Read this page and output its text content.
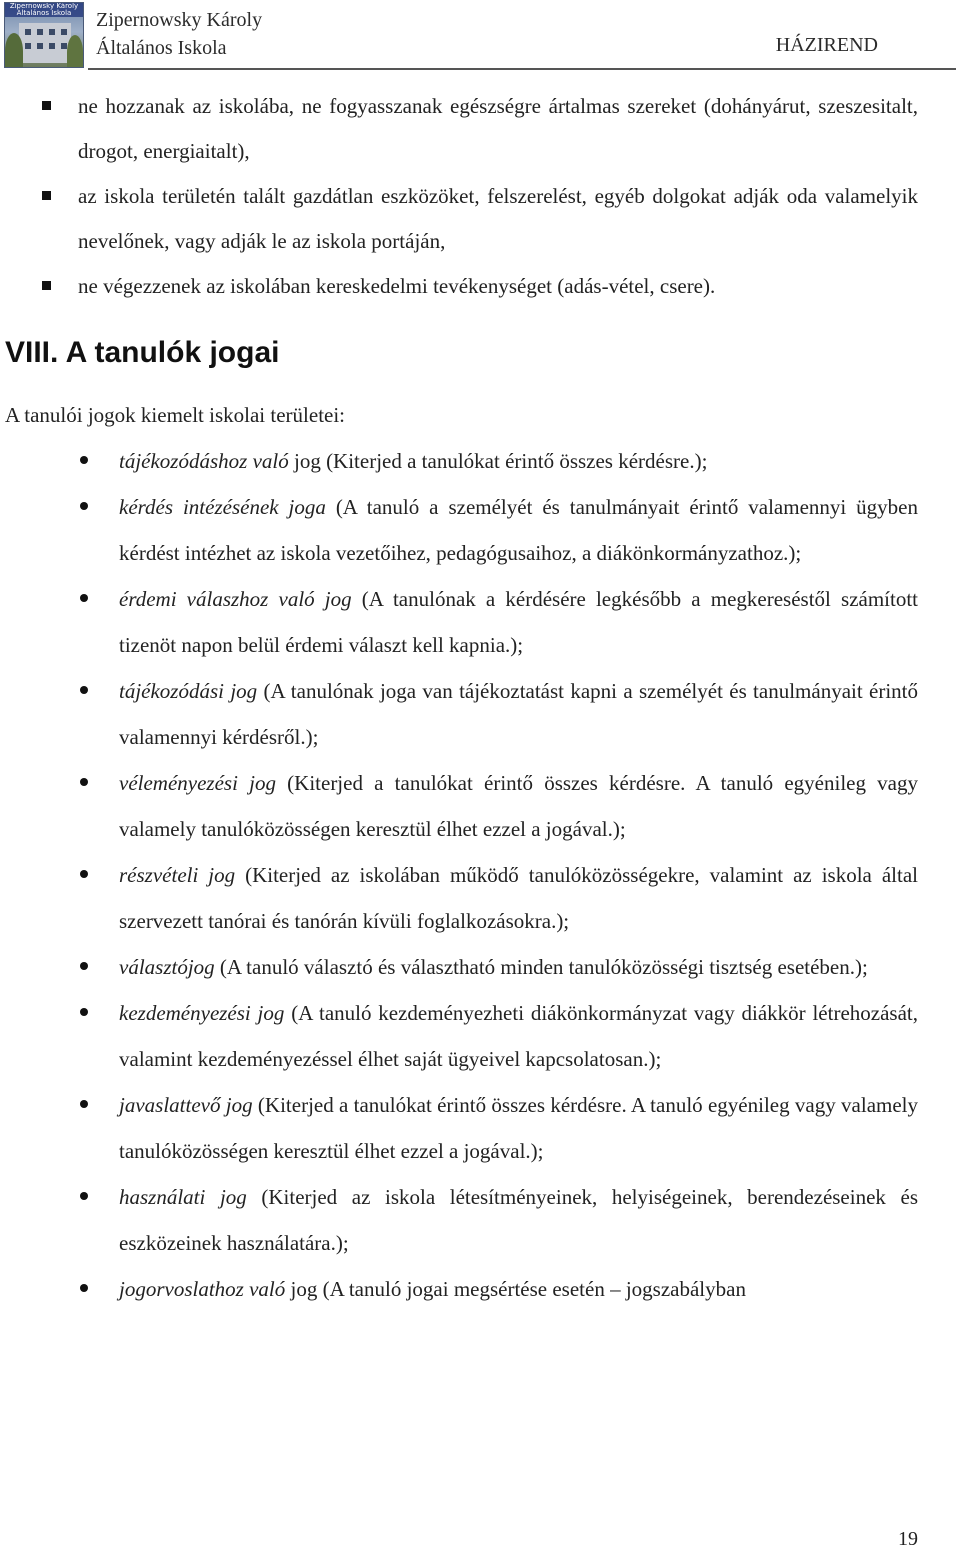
Zipernowsky Károly Általános Iskola	Zipernowsky Károly
Általános Iskola	HÁZIREND
ne hozzanak az iskolába, ne fogyasszanak egészségre ártalmas szereket (dohányárut, szeszesitalt, drogot, energiaitalt),
az iskola területén talált gazdátlan eszközöket, felszerelést, egyéb dolgokat adják oda valamelyik nevelőnek, vagy adják le az iskola portáján,
ne végezzenek az iskolában kereskedelmi tevékenységet (adás-vétel, csere).
VIII. A tanulók jogai
A tanulói jogok kiemelt iskolai területei:
tájékozódáshoz való jog (Kiterjed a tanulókat érintő összes kérdésre.);
kérdés intézésének joga (A tanuló a személyét és tanulmányait érintő valamennyi ügyben kérdést intézhet az iskola vezetőihez, pedagógusaihoz, a diákönkormányzathoz.);
érdemi válaszhoz való jog (A tanulónak a kérdésére legkésőbb a megkereséstől számított tizenöt napon belül érdemi választ kell kapnia.);
tájékozódási jog (A tanulónak joga van tájékoztatást kapni a személyét és tanulmányait érintő valamennyi kérdésről.);
véleményezési jog (Kiterjed a tanulókat érintő összes kérdésre. A tanuló egyénileg vagy valamely tanulóközösségen keresztül élhet ezzel a jogával.);
részvételi jog (Kiterjed az iskolában működő tanulóközösségekre, valamint az iskola által szervezett tanórai és tanórán kívüli foglalkozásokra.);
választójog (A tanuló választó és választható minden tanulóközösségi tisztség esetében.);
kezdeményezési jog (A tanuló kezdeményezheti diákönkormányzat vagy diákkör létrehozását, valamint kezdeményezéssel élhet saját ügyeivel kapcsolatosan.);
javaslattevő jog (Kiterjed a tanulókat érintő összes kérdésre. A tanuló egyénileg vagy valamely tanulóközösségen keresztül élhet ezzel a jogával.);
használati jog (Kiterjed az iskola létesítményeinek, helyiségeinek, berendezéseinek és eszközeinek használatára.);
jogorvoslathoz való jog (A tanuló jogai megsértése esetén – jogszabályban
19
